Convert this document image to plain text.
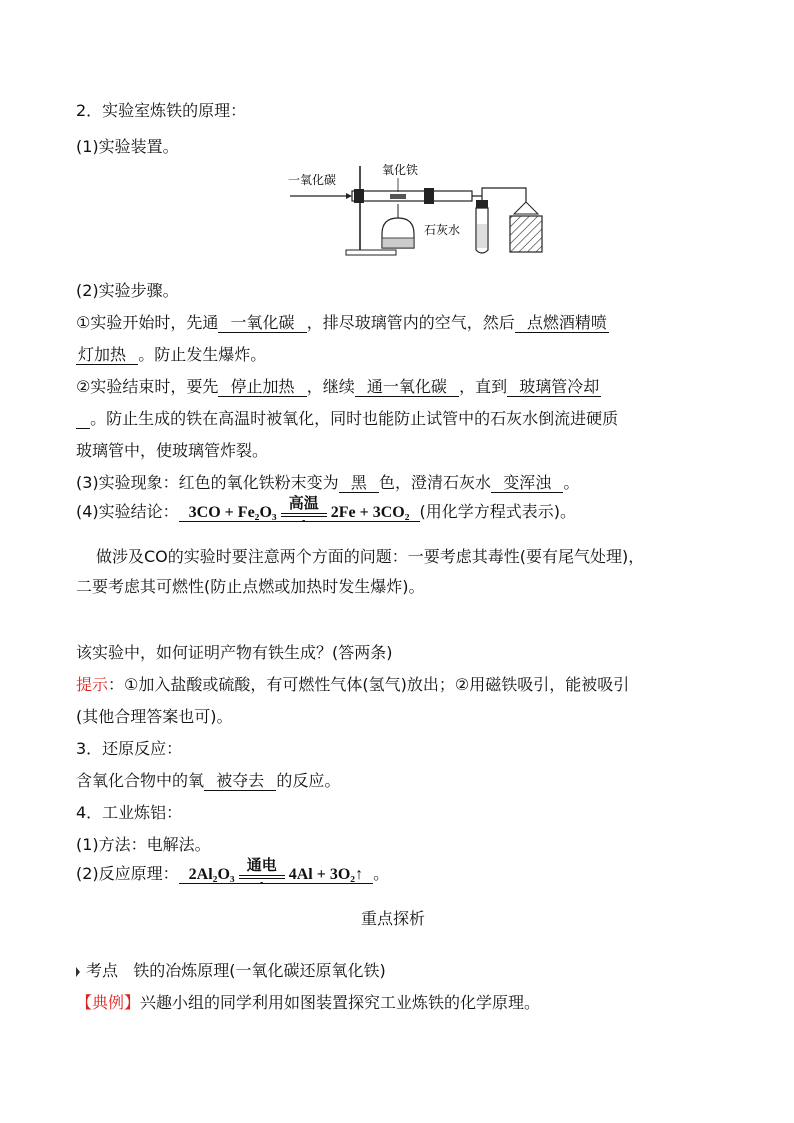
2．实验室炼铁的原理：
(1)实验装置。
一氧化碳
氧化铁
石灰水
(2)实验步骤。
①实验开始时，先通 一氧化碳 ，排尽玻璃管内的空气，然后 点燃酒精喷
灯加热 。防止发生爆炸。
②实验结束时，要先 停止加热 ，继续 通一氧化碳 ，直到 玻璃管冷却
。防止生成的铁在高温时被氧化，同时也能防止试管中的石灰水倒流进硬质
玻璃管中，使玻璃管炸裂。
(3)实验现象：红色的氧化铁粉末变为 黑 色，澄清石灰水 变浑浊 。
(4)实验结论： 3CO + Fe₂O₃ 高温
-	2Fe + 3CO₂ (用化学方程式表示)。
做涉及CO的实验时要注意两个方面的问题：一要考虑其毒性(要有尾气处理)，
二要考虑其可燃性(防止点燃或加热时发生爆炸)。
该实验中，如何证明产物有铁生成？(答两条)
提示：①加入盐酸或硫酸，有可燃性气体(氢气)放出；②用磁铁吸引，能被吸引
(其他合理答案也可)。
3．还原反应：
含氧化合物中的氧 被夺去 的反应。
4．工业炼铝：
(1)方法：电解法。
(2)反应原理： 2Al₂O₃ 通电
-	4Al + 3O₂↑ 。
重点探析
考点 铁的冶炼原理(一氧化碳还原氧化铁)
【典例】兴趣小组的同学利用如图装置探究工业炼铁的化学原理。
